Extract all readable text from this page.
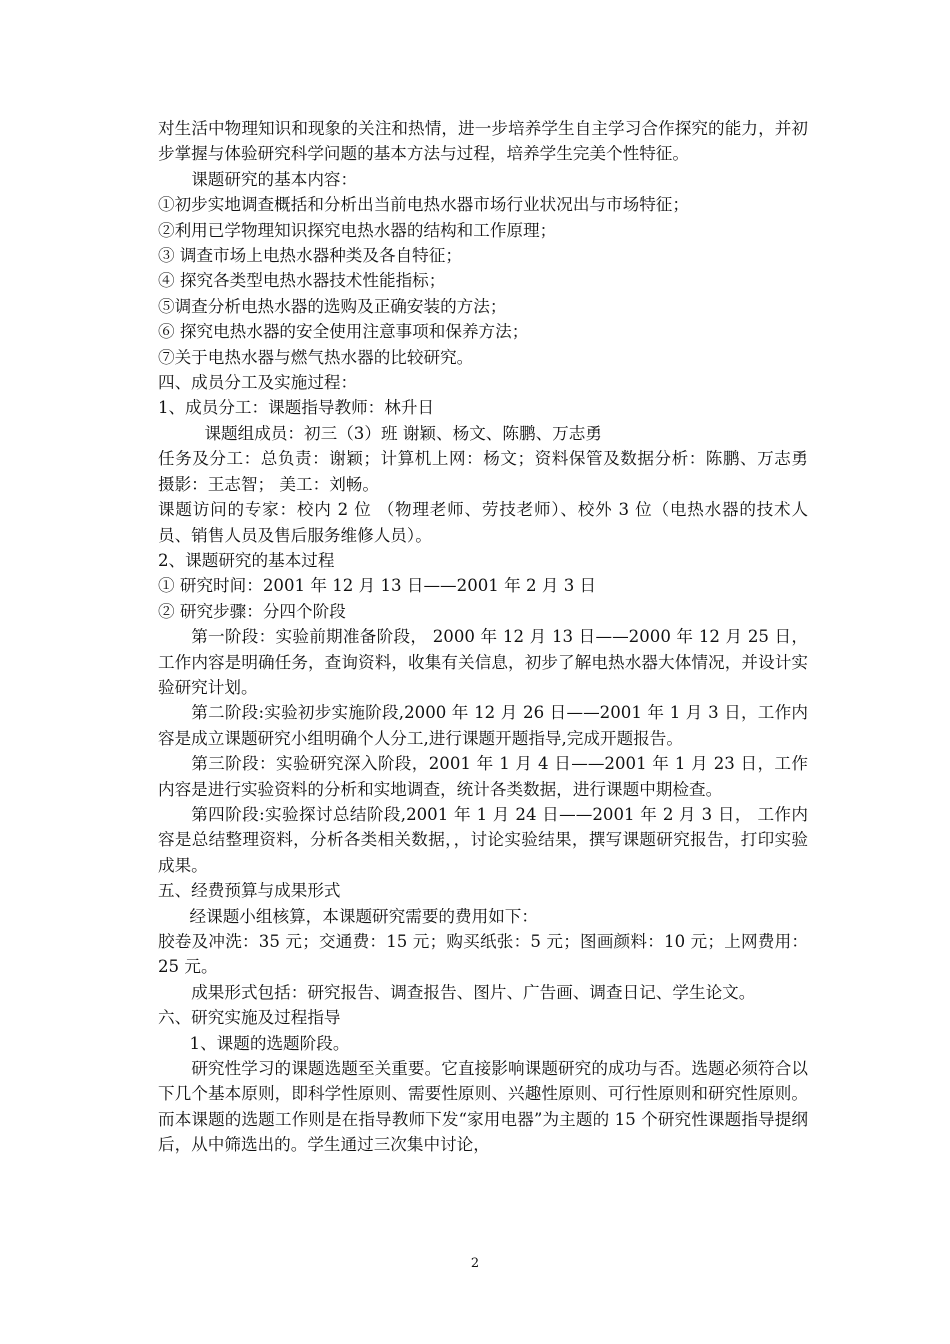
对生活中物理知识和现象的关注和热情，进一步培养学生自主学习合作探究的能力，并初步掌握与体验研究科学问题的基本方法与过程，培养学生完美个性特征。

课题研究的基本内容：

①初步实地调查概括和分析出当前电热水器市场行业状况出与市场特征；

②利用已学物理知识探究电热水器的结构和工作原理；

③ 调查市场上电热水器种类及各自特征；

④ 探究各类型电热水器技术性能指标；

⑤调查分析电热水器的选购及正确安装的方法；

⑥ 探究电热水器的安全使用注意事项和保养方法；

⑦关于电热水器与燃气热水器的比较研究。

四、成员分工及实施过程：

1、成员分工：课题指导教师：林升日

课题组成员：初三（3）班 谢颖、杨文、陈鹏、万志勇

任务及分工：总负责：谢颖；计算机上网：杨文；资料保管及数据分析：陈鹏、万志勇 摄影：王志智； 美工：刘畅。

课题访问的专家：校内 2 位 （物理老师、劳技老师）、校外 3 位（电热水器的技术人员、销售人员及售后服务维修人员）。

2、课题研究的基本过程

① 研究时间：2001 年 12 月 13 日——2001 年 2 月 3 日

② 研究步骤：分四个阶段

第一阶段：实验前期准备阶段， 2000 年 12 月 13 日——2000 年 12 月 25 日， 工作内容是明确任务，查询资料，收集有关信息，初步了解电热水器大体情况，并设计实验研究计划。

第二阶段:实验初步实施阶段,2000 年 12 月 26 日——2001 年 1 月 3 日，工作内容是成立课题研究小组明确个人分工,进行课题开题指导,完成开题报告。

第三阶段：实验研究深入阶段，2001 年 1 月 4 日——2001 年 1 月 23 日，工作内容是进行实验资料的分析和实地调查，统计各类数据，进行课题中期检查。

第四阶段:实验探讨总结阶段,2001 年 1 月 24 日——2001 年 2 月 3 日， 工作内容是总结整理资料，分析各类相关数据，，讨论实验结果，撰写课题研究报告，打印实验成果。

五、经费预算与成果形式

经课题小组核算，本课题研究需要的费用如下：

胶卷及冲洗：35 元；交通费：15 元；购买纸张：5 元；图画颜料：10 元；上网费用：25 元。

成果形式包括：研究报告、调查报告、图片、广告画、调查日记、学生论文。

六、研究实施及过程指导

1、课题的选题阶段。

研究性学习的课题选题至关重要。它直接影响课题研究的成功与否。选题必须符合以下几个基本原则，即科学性原则、需要性原则、兴趣性原则、可行性原则和研究性原则。而本课题的选题工作则是在指导教师下发“家用电器”为主题的 15 个研究性课题指导提纲后，从中筛选出的。学生通过三次集中讨论，

2
